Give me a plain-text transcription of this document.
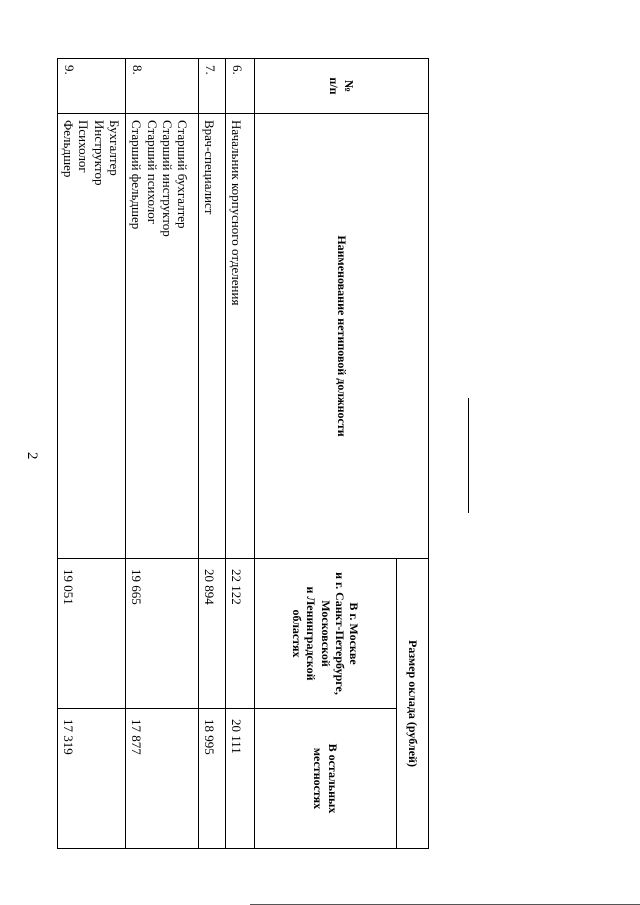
2
№
п/п	Наименование нетиповой должности	Размер оклада (рублей)	

		В г. Москве
и г. Санкт-Петербурге,
Московской
и Ленинградской
областях	В остальных
местностях

6.	Начальник корпусного отделения	22 122	20 111
7.	Врач-специалист	20 894	18 995
8.	Старший бухгалтер
Старший инструктор
Старший психолог
Старший фельдшер	19 665	17 877
9.	Бухгалтер
Инструктор
Психолог
Фельдшер	19 051	17 319
